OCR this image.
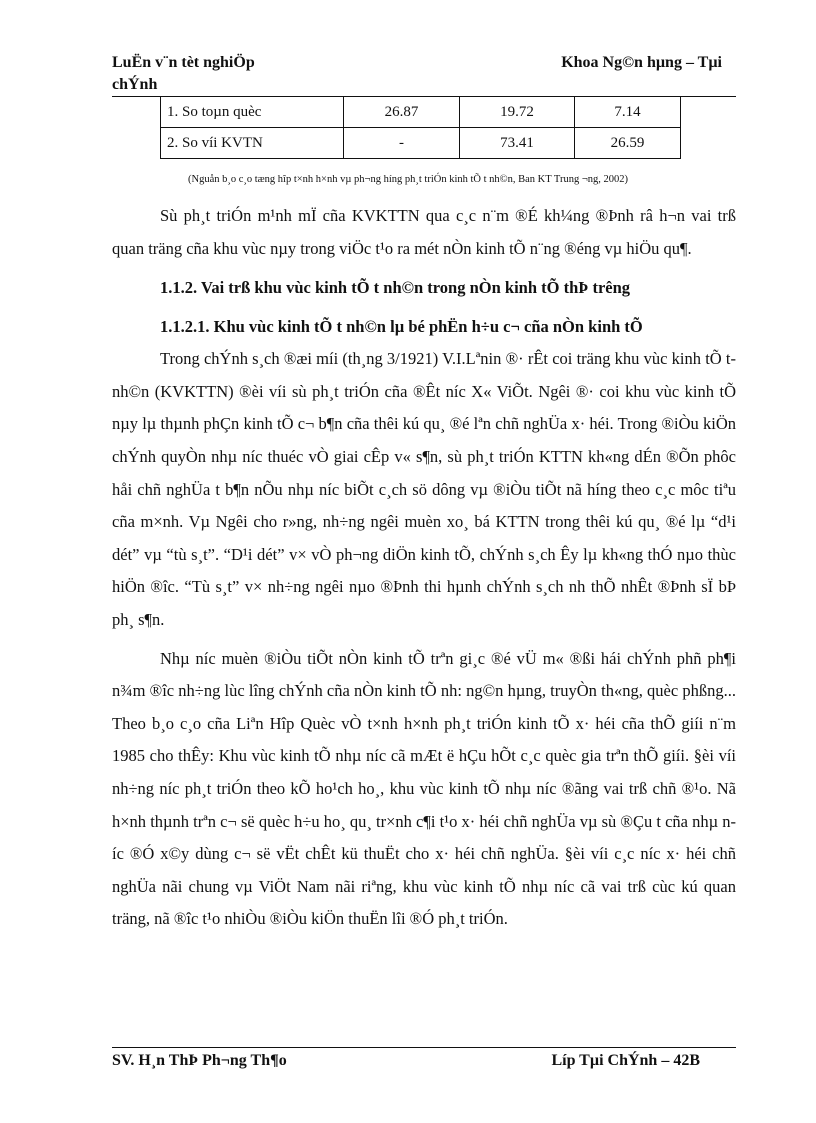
LuËn v¨n tèt nghiÖp chÝnh
Khoa Ng©n hµng – Tµi
1. So toµn quèc	26.87	19.72	7.14
2. So víi KVTN	-	73.41	26.59
(Nguån b¸o c¸o tæng hîp t×nh h×nh vµ ph¬ng híng ph¸t triÓn kinh tÕ t nh©n, Ban KT Trung ¬ng, 2002)

Sù ph¸t triÓn m¹nh mÏ cña KVKTTN qua c¸c n¨m ®É kh¼ng ®Þnh râ h¬n vai trß quan träng cña khu vùc nµy trong viÖc t¹o ra mét nÒn kinh tÕ n¨ng ®éng vµ hiÖu qu¶.

1.1.2. Vai trß khu vùc kinh tÕ t nh©n trong nÒn kinh tÕ thÞ trêng
1.1.2.1. Khu vùc kinh tÕ t nh©n lµ bé phËn h÷u c¬ cña nÒn kinh tÕ

Trong chÝnh s¸ch ®æi míi (th¸ng 3/1921) V.I.Lªnin ®· rÊt coi träng khu vùc kinh tÕ t nh©n (KVKTTN) ®èi víi sù ph¸t triÓn cña ®Êt níc X« ViÕt. Ngêi ®· coi khu vùc kinh tÕ nµy lµ thµnh phÇn kinh tÕ c¬ b¶n cña thêi kú qu¸ ®é lªn chñ nghÜa x· héi. Trong ®iÒu kiÖn chÝnh quyÒn nhµ níc thuéc vÒ giai cÊp v« s¶n, sù ph¸t triÓn KTTN kh«ng dÉn ®Õn phôc håi chñ nghÜa t b¶n nÕu nhµ níc biÕt c¸ch sö dông vµ ®iÒu tiÕt nã híng theo c¸c môc tiªu cña m×nh. Vµ Ngêi cho r»ng, nh÷ng ngêi muèn xo¸ bá KTTN trong thêi kú qu¸ ®é lµ “d¹i dét” vµ “tù s¸t”. “D¹i dét” v× vÒ ph¬ng diÖn kinh tÕ, chÝnh s¸ch Êy lµ kh«ng thÓ nµo thùc hiÖn ®îc. “Tù s¸t” v× nh÷ng ngêi nµo ®Þnh thi hµnh chÝnh s¸ch nh thÕ nhÊt ®Þnh sÏ bÞ ph¸ s¶n.

Nhµ níc muèn ®iÒu tiÕt nÒn kinh tÕ trªn gi¸c ®é vÜ m« ®ßi hái chÝnh phñ ph¶i n¾m ®îc nh÷ng lùc lîng chÝnh cña nÒn kinh tÕ nh: ng©n hµng, truyÒn th«ng, quèc phßng... Theo b¸o c¸o cña Liªn Hîp Quèc vÒ t×nh h×nh ph¸t triÓn kinh tÕ x· héi cña thÕ giíi n¨m 1985 cho thÊy: Khu vùc kinh tÕ nhµ níc cã mÆt ë hÇu hÕt c¸c quèc gia trªn thÕ giíi. §èi víi nh÷ng níc ph¸t triÓn theo kÕ ho¹ch ho¸, khu vùc kinh tÕ nhµ níc ®ãng vai trß chñ ®¹o. Nã h×nh thµnh trªn c¬ së quèc h÷u ho¸ qu¸ tr×nh c¶i t¹o x· héi chñ nghÜa vµ sù ®Çu t cña nhµ níc ®Ó x©y dùng c¬ së vËt chÊt kü thuËt cho x· héi chñ nghÜa. §èi víi c¸c níc x· héi chñ nghÜa nãi chung vµ ViÖt Nam nãi riªng, khu vùc kinh tÕ nhµ níc cã vai trß cùc kú quan träng, nã ®îc t¹o nhiÒu ®iÒu kiÖn thuËn lîi ®Ó ph¸t triÓn.

SV. H¸n ThÞ Ph¬ng Th¶o	Líp Tµi ChÝnh – 42B
